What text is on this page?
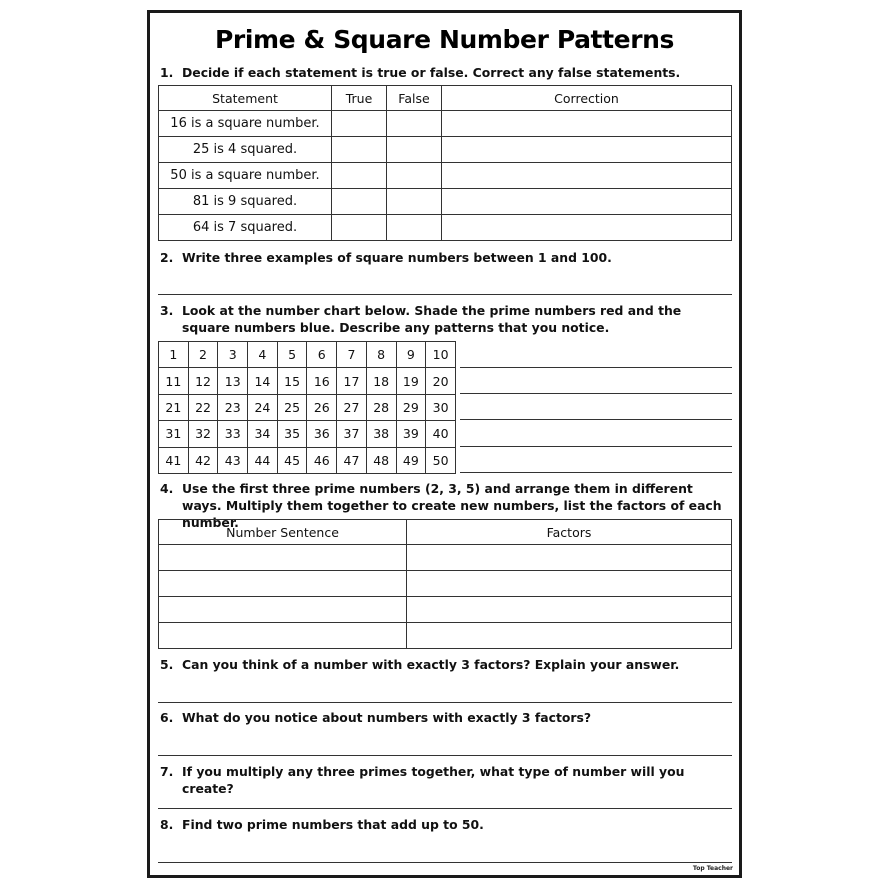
Prime & Square Number Patterns
1. Decide if each statement is true or false. Correct any false statements.
Statement	True	False	Correction
16 is a square number.			
25 is 4 squared.			
50 is a square number.			
81 is 9 squared.			
64 is 7 squared.			
2. Write three examples of square numbers between 1 and 100.
3. Look at the number chart below. Shade the prime numbers red and the square numbers blue. Describe any patterns that you notice.
1	2	3	4	5	6	7	8	9	10
11	12	13	14	15	16	17	18	19	20
21	22	23	24	25	26	27	28	29	30
31	32	33	34	35	36	37	38	39	40
41	42	43	44	45	46	47	48	49	50
4. Use the first three prime numbers (2, 3, 5) and arrange them in different ways. Multiply them together to create new numbers, list the factors of each number.
Number Sentence	Factors

5. Can you think of a number with exactly 3 factors? Explain your answer.
6. What do you notice about numbers with exactly 3 factors?
7. If you multiply any three primes together, what type of number will you create?
8. Find two prime numbers that add up to 50.
Top Teacher
